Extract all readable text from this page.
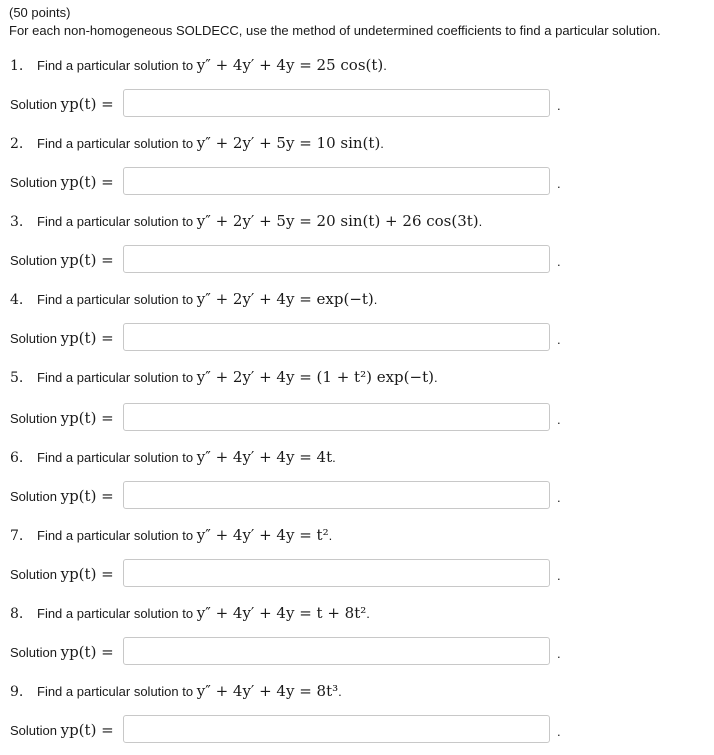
(50 points)
For each non-homogeneous SOLDECC, use the method of undetermined coefficients to find a particular solution.
1. Find a particular solution to y″ + 4y′ + 4y = 25 cos(t).
Solution yp(t) =	.
2. Find a particular solution to y″ + 2y′ + 5y = 10 sin(t).
Solution yp(t) =	.
3. Find a particular solution to y″ + 2y′ + 5y = 20 sin(t) + 26 cos(3t).
Solution yp(t) =	.
4. Find a particular solution to y″ + 2y′ + 4y = exp(−t).
Solution yp(t) =	.
5. Find a particular solution to y″ + 2y′ + 4y = (1 + t²) exp(−t).
Solution yp(t) =	.
6. Find a particular solution to y″ + 4y′ + 4y = 4t.
Solution yp(t) =	.
7. Find a particular solution to y″ + 4y′ + 4y = t².
Solution yp(t) =	.
8. Find a particular solution to y″ + 4y′ + 4y = t + 8t².
Solution yp(t) =	.
9. Find a particular solution to y″ + 4y′ + 4y = 8t³.
Solution yp(t) =	.
